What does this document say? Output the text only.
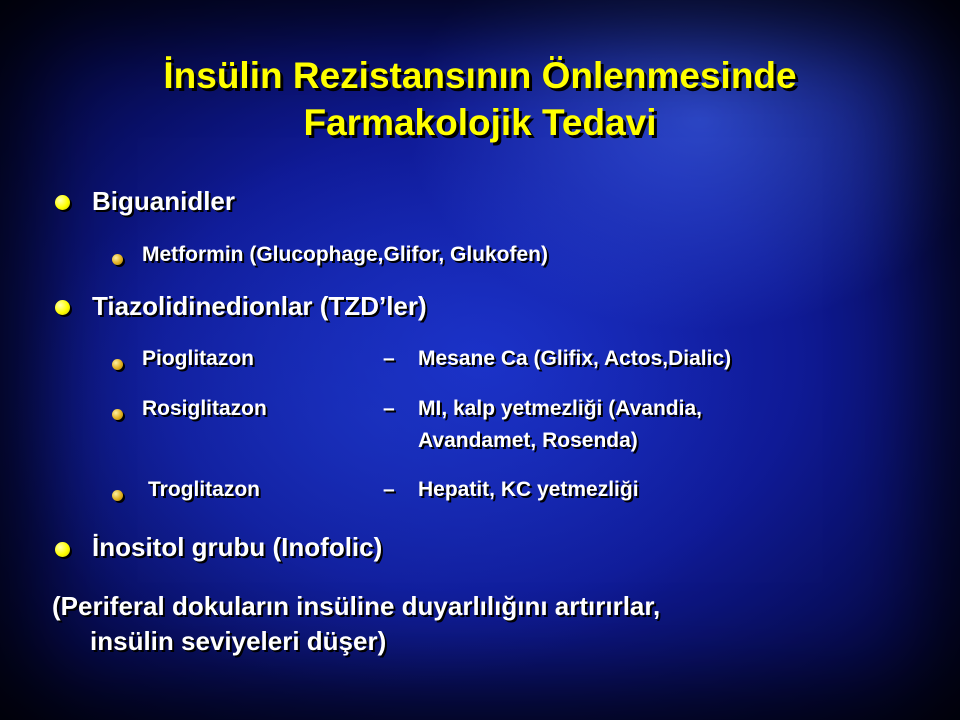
İnsülin Rezistansının Önlenmesinde
Farmakolojik Tedavi
Biguanidler
Metformin (Glucophage,Glifor, Glukofen)
Tiazolidinedionlar (TZD’ler)
Pioglitazon	– Mesane Ca (Glifix, Actos,Dialic)
Rosiglitazon	– MI, kalp yetmezliği (Avandia,
Avandamet, Rosenda)
Troglitazon	– Hepatit, KC yetmezliği
İnositol grubu (Inofolic)
(Periferal dokuların insüline duyarlılığını artırırlar,
insülin seviyeleri düşer)
